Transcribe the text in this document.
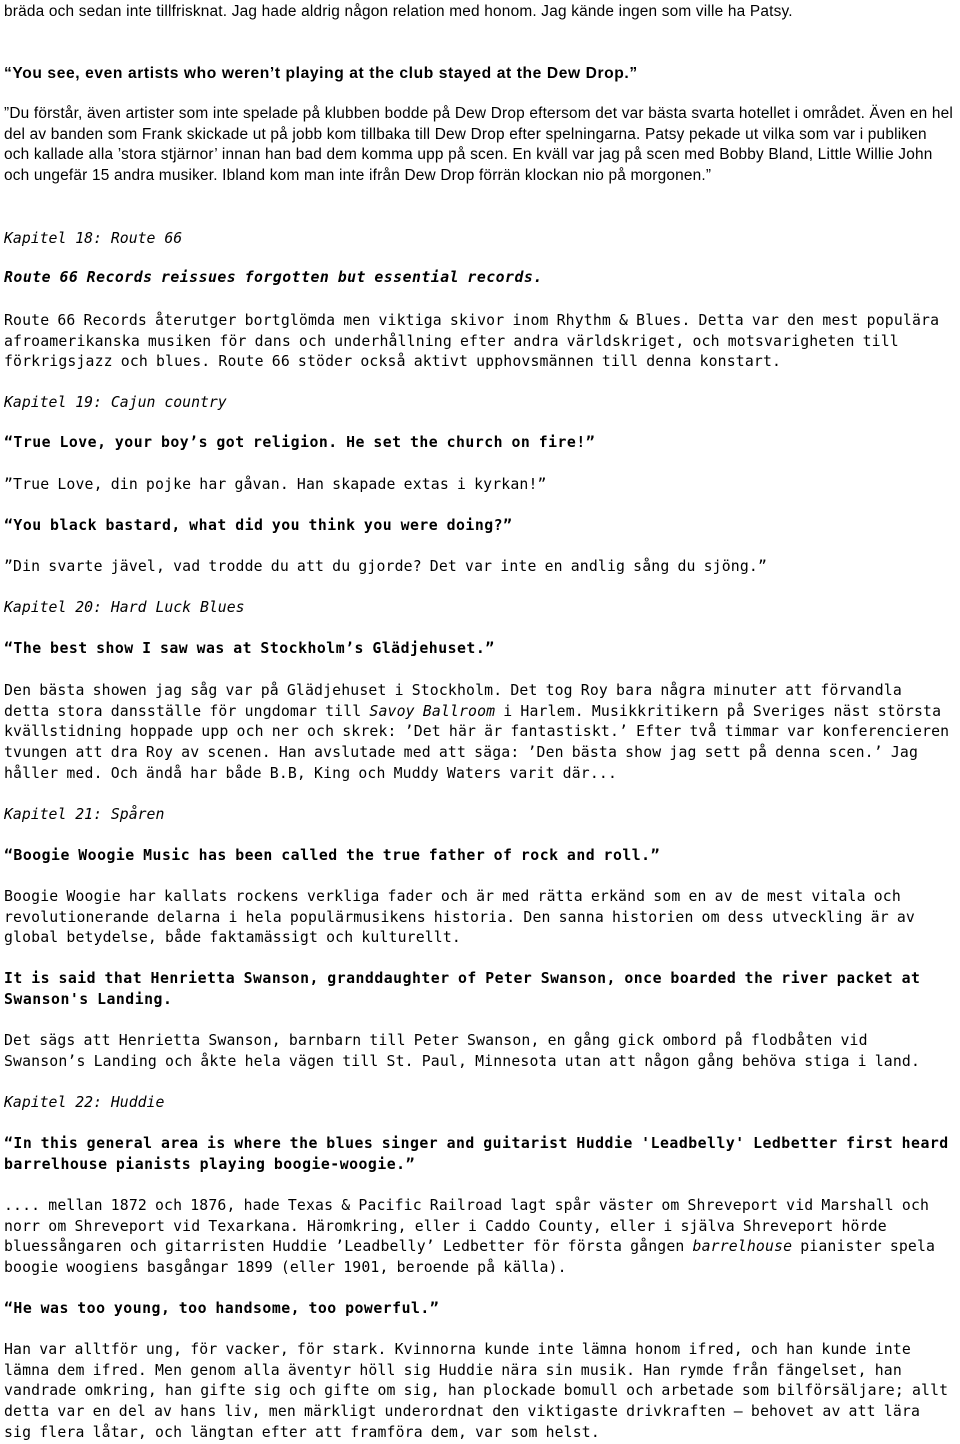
bräda och sedan inte tillfrisknat. Jag hade aldrig någon relation med honom. Jag kände ingen som ville ha Patsy.

“You see, even artists who weren’t playing at the club stayed at the Dew Drop.”

”Du förstår, även artister som inte spelade på klubben bodde på Dew Drop eftersom det var bästa svarta hotellet i området. Även en hel del av banden som Frank skickade ut på jobb kom tillbaka till Dew Drop efter spelningarna. Patsy pekade ut vilka som var i publiken och kallade alla ’stora stjärnor’ innan han bad dem komma upp på scen. En kväll var jag på scen med Bobby Bland, Little Willie John och ungefär 15 andra musiker. Ibland kom man inte ifrån Dew Drop förrän klockan nio på morgonen.”

Kapitel 18: Route 66

Route 66 Records reissues forgotten but essential records.

Route 66 Records återutger bortglömda men viktiga skivor inom Rhythm & Blues. Detta var den mest populära afroamerikanska musiken för dans och underhållning efter andra världskriget, och motsvarigheten till förkrigsjazz och blues. Route 66 stöder också aktivt upphovsmännen till denna konstart.

Kapitel 19: Cajun country

“True Love, your boy’s got religion. He set the church on fire!”

”True Love, din pojke har gåvan. Han skapade extas i kyrkan!”

“You black bastard, what did you think you were doing?”

”Din svarte jävel, vad trodde du att du gjorde? Det var inte en andlig sång du sjöng.”

Kapitel 20: Hard Luck Blues

“The best show I saw was at Stockholm’s Glädjehuset.”

Den bästa showen jag såg var på Glädjehuset i Stockholm. Det tog Roy bara några minuter att förvandla detta stora dansställe för ungdomar till Savoy Ballroom i Harlem. Musikkritikern på Sveriges näst största kvällstidning hoppade upp och ner och skrek: ’Det här är fantastiskt.’ Efter två timmar var konferencieren tvungen att dra Roy av scenen. Han avslutade med att säga: ’Den bästa show jag sett på denna scen.’ Jag håller med. Och ändå har både B.B, King och Muddy Waters varit där...

Kapitel 21: Spåren

“Boogie Woogie Music has been called the true father of rock and roll.”

Boogie Woogie har kallats rockens verkliga fader och är med rätta erkänd som en av de mest vitala och revolutionerande delarna i hela populärmusikens historia. Den sanna historien om dess utveckling är av global betydelse, både faktamässigt och kulturellt.

It is said that Henrietta Swanson, granddaughter of Peter Swanson, once boarded the river packet at Swanson's Landing.

Det sägs att Henrietta Swanson, barnbarn till Peter Swanson, en gång gick ombord på flodbåten vid Swanson’s Landing och åkte hela vägen till St. Paul, Minnesota utan att någon gång behöva stiga i land.

Kapitel 22: Huddie

“In this general area is where the blues singer and guitarist Huddie 'Leadbelly' Ledbetter first heard barrelhouse pianists playing boogie-woogie.”

.... mellan 1872 och 1876, hade Texas & Pacific Railroad lagt spår väster om Shreveport vid Marshall och norr om Shreveport vid Texarkana. Häromkring, eller i Caddo County, eller i själva Shreveport hörde bluessångaren och gitarristen Huddie ’Leadbelly’ Ledbetter för första gången barrelhouse pianister spela boogie woogiens basgångar 1899 (eller 1901, beroende på källa).

“He was too young, too handsome, too powerful.”

Han var alltför ung, för vacker, för stark. Kvinnorna kunde inte lämna honom ifred, och han kunde inte lämna dem ifred. Men genom alla äventyr höll sig Huddie nära sin musik. Han rymde från fängelset, han vandrade omkring, han gifte sig och gifte om sig, han plockade bomull och arbetade som bilförsäljare; allt detta var en del av hans liv, men märkligt underordnat den viktigaste drivkraften — behovet av att lära sig flera låtar, och längtan efter att framföra dem, var som helst.
